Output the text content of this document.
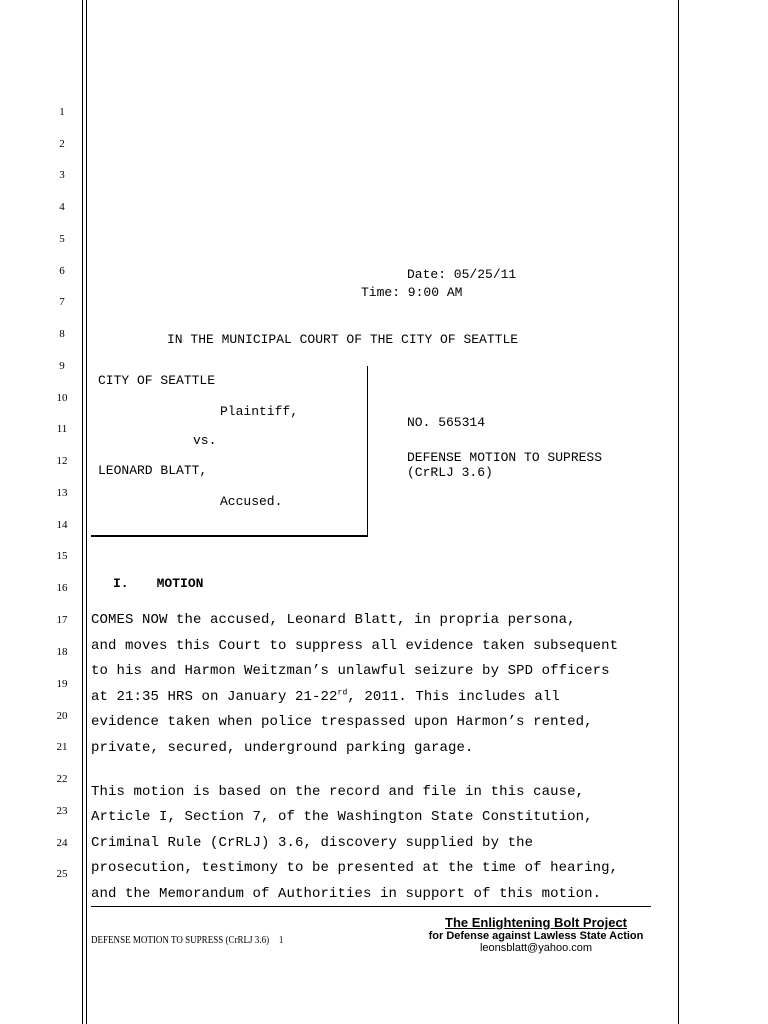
1
2
3
4
5
6
7
8
9
10
11
12
13
14
15
16
17
18
19
20
21
22
23
24
25
Date: 05/25/11
Time: 9:00 AM
IN THE MUNICIPAL COURT OF THE CITY OF SEATTLE
CITY OF SEATTLE
Plaintiff,
vs.
LEONARD BLATT,
Accused.
NO. 565314
DEFENSE MOTION TO SUPRESS
(CrRLJ 3.6)
I. MOTION
COMES NOW the accused, Leonard Blatt, in propria persona,
and moves this Court to suppress all evidence taken subsequent
to his and Harmon Weitzman’s unlawful seizure by SPD officers
at 21:35 HRS on January 21-22rd, 2011. This includes all
evidence taken when police trespassed upon Harmon’s rented,
private, secured, underground parking garage.
This motion is based on the record and file in this cause,
Article I, Section 7, of the Washington State Constitution,
Criminal Rule (CrRLJ) 3.6, discovery supplied by the
prosecution, testimony to be presented at the time of hearing,
and the Memorandum of Authorities in support of this motion.
DEFENSE MOTION TO SUPRESS (CrRLJ 3.6) 1
The Enlightening Bolt Project
for Defense against Lawless State Action
leonsblatt@yahoo.com
